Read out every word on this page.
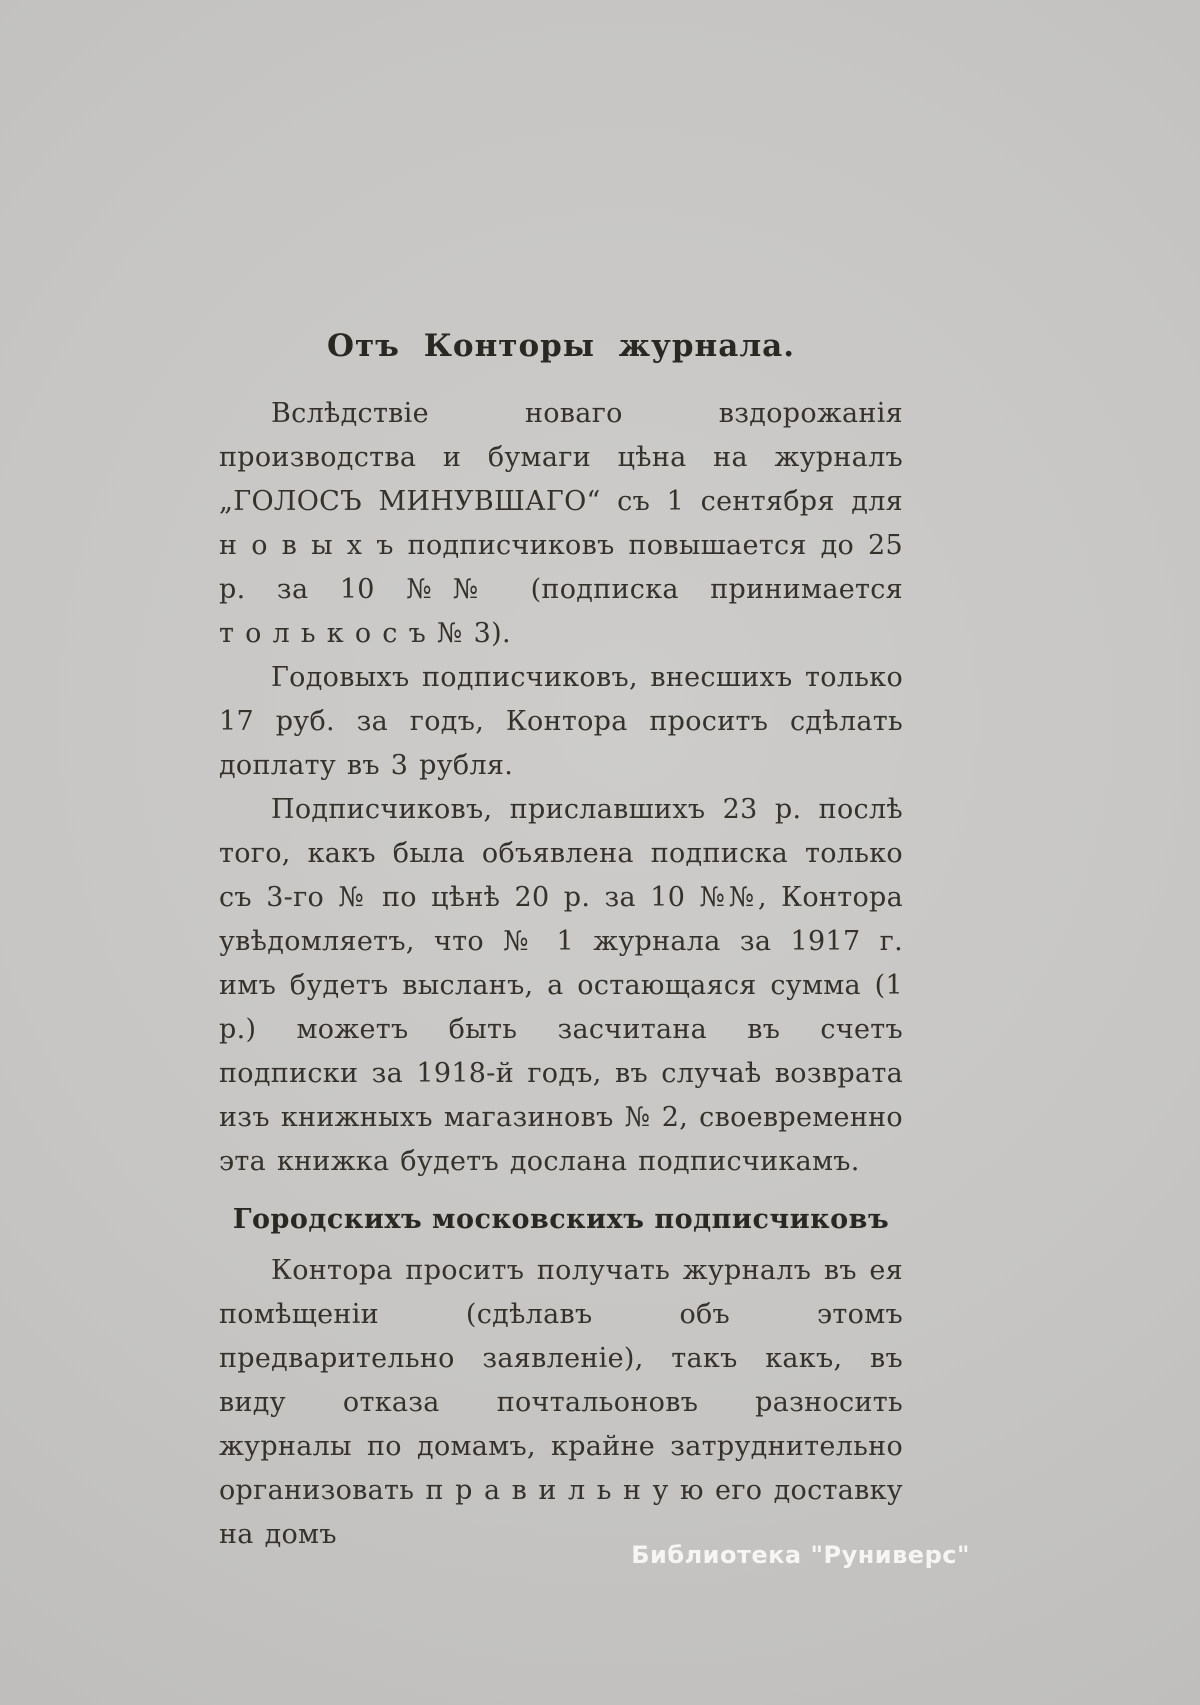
Отъ Конторы журнала.

Вслѣдствіе новаго вздорожанія производства и бумаги цѣна на журналъ „ГОЛОСЪ МИНУВШАГО“ съ 1 сентября для н о в ы х ъ подписчиковъ повышается до 25 р. за 10 №№ (подписка принимается т о л ь к о с ъ № 3).

Годовыхъ подписчиковъ, внесшихъ только 17 руб. за годъ, Контора проситъ сдѣлать доплату въ 3 рубля.

Подписчиковъ, приславшихъ 23 р. послѣ того, какъ была объявлена подписка только съ 3-го № по цѣнѣ 20 р. за 10 №№, Контора увѣдомляетъ, что № 1 журнала за 1917 г. имъ будетъ высланъ, а остающаяся сумма (1 р.) можетъ быть засчитана въ счетъ подписки за 1918-й годъ, въ случаѣ возврата изъ книжныхъ магазиновъ № 2, своевременно эта книжка будетъ дослана подписчикамъ.

Городскихъ московскихъ подписчиковъ

Контора проситъ получать журналъ въ ея помѣщеніи (сдѣлавъ объ этомъ предварительно заявленіе), такъ какъ, въ виду отказа почтальоновъ разносить журналы по домамъ, крайне затруднительно организовать п р а в и л ь н у ю его доставку на домъ

Библиотека "Руниверс"
